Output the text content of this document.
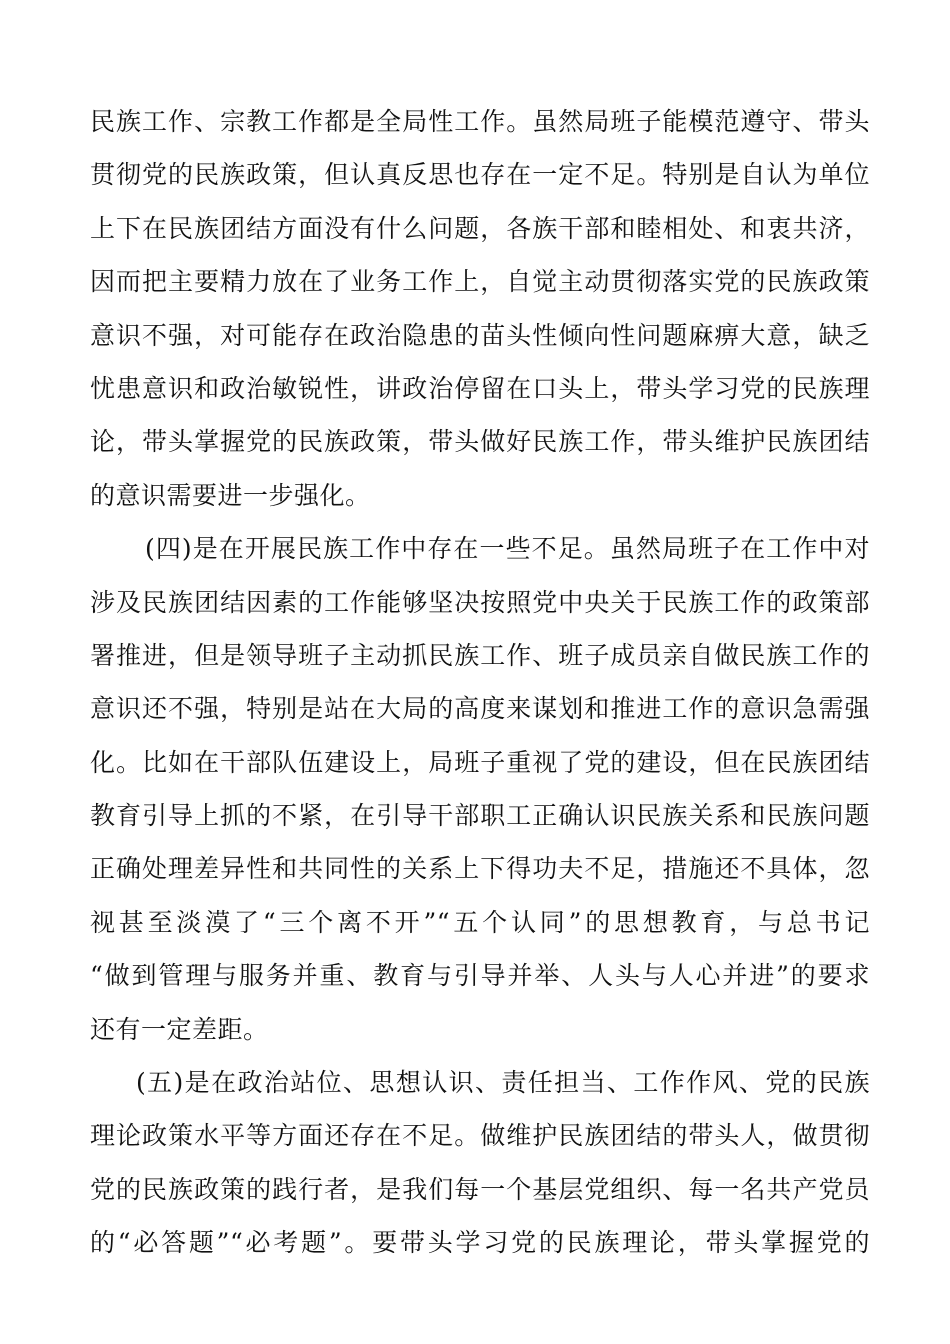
民族工作、宗教工作都是全局性工作。虽然局班子能模范遵守、带头
贯彻党的民族政策，但认真反思也存在一定不足。特别是自认为单位
上下在民族团结方面没有什么问题，各族干部和睦相处、和衷共济，
因而把主要精力放在了业务工作上，自觉主动贯彻落实党的民族政策
意识不强，对可能存在政治隐患的苗头性倾向性问题麻痹大意，缺乏
忧患意识和政治敏锐性，讲政治停留在口头上，带头学习党的民族理
论，带头掌握党的民族政策，带头做好民族工作，带头维护民族团结
的意识需要进一步强化。
(四)是在开展民族工作中存在一些不足。虽然局班子在工作中对
涉及民族团结因素的工作能够坚决按照党中央关于民族工作的政策部
署推进，但是领导班子主动抓民族工作、班子成员亲自做民族工作的
意识还不强，特别是站在大局的高度来谋划和推进工作的意识急需强
化。比如在干部队伍建设上，局班子重视了党的建设，但在民族团结
教育引导上抓的不紧，在引导干部职工正确认识民族关系和民族问题
正确处理差异性和共同性的关系上下得功夫不足，措施还不具体，忽
视甚至淡漠了“三个离不开”“五个认同”的思想教育，与总书记
“做到管理与服务并重、教育与引导并举、人头与人心并进”的要求
还有一定差距。
(五)是在政治站位、思想认识、责任担当、工作作风、党的民族
理论政策水平等方面还存在不足。做维护民族团结的带头人，做贯彻
党的民族政策的践行者，是我们每一个基层党组织、每一名共产党员
的“必答题”“必考题”。要带头学习党的民族理论，带头掌握党的
